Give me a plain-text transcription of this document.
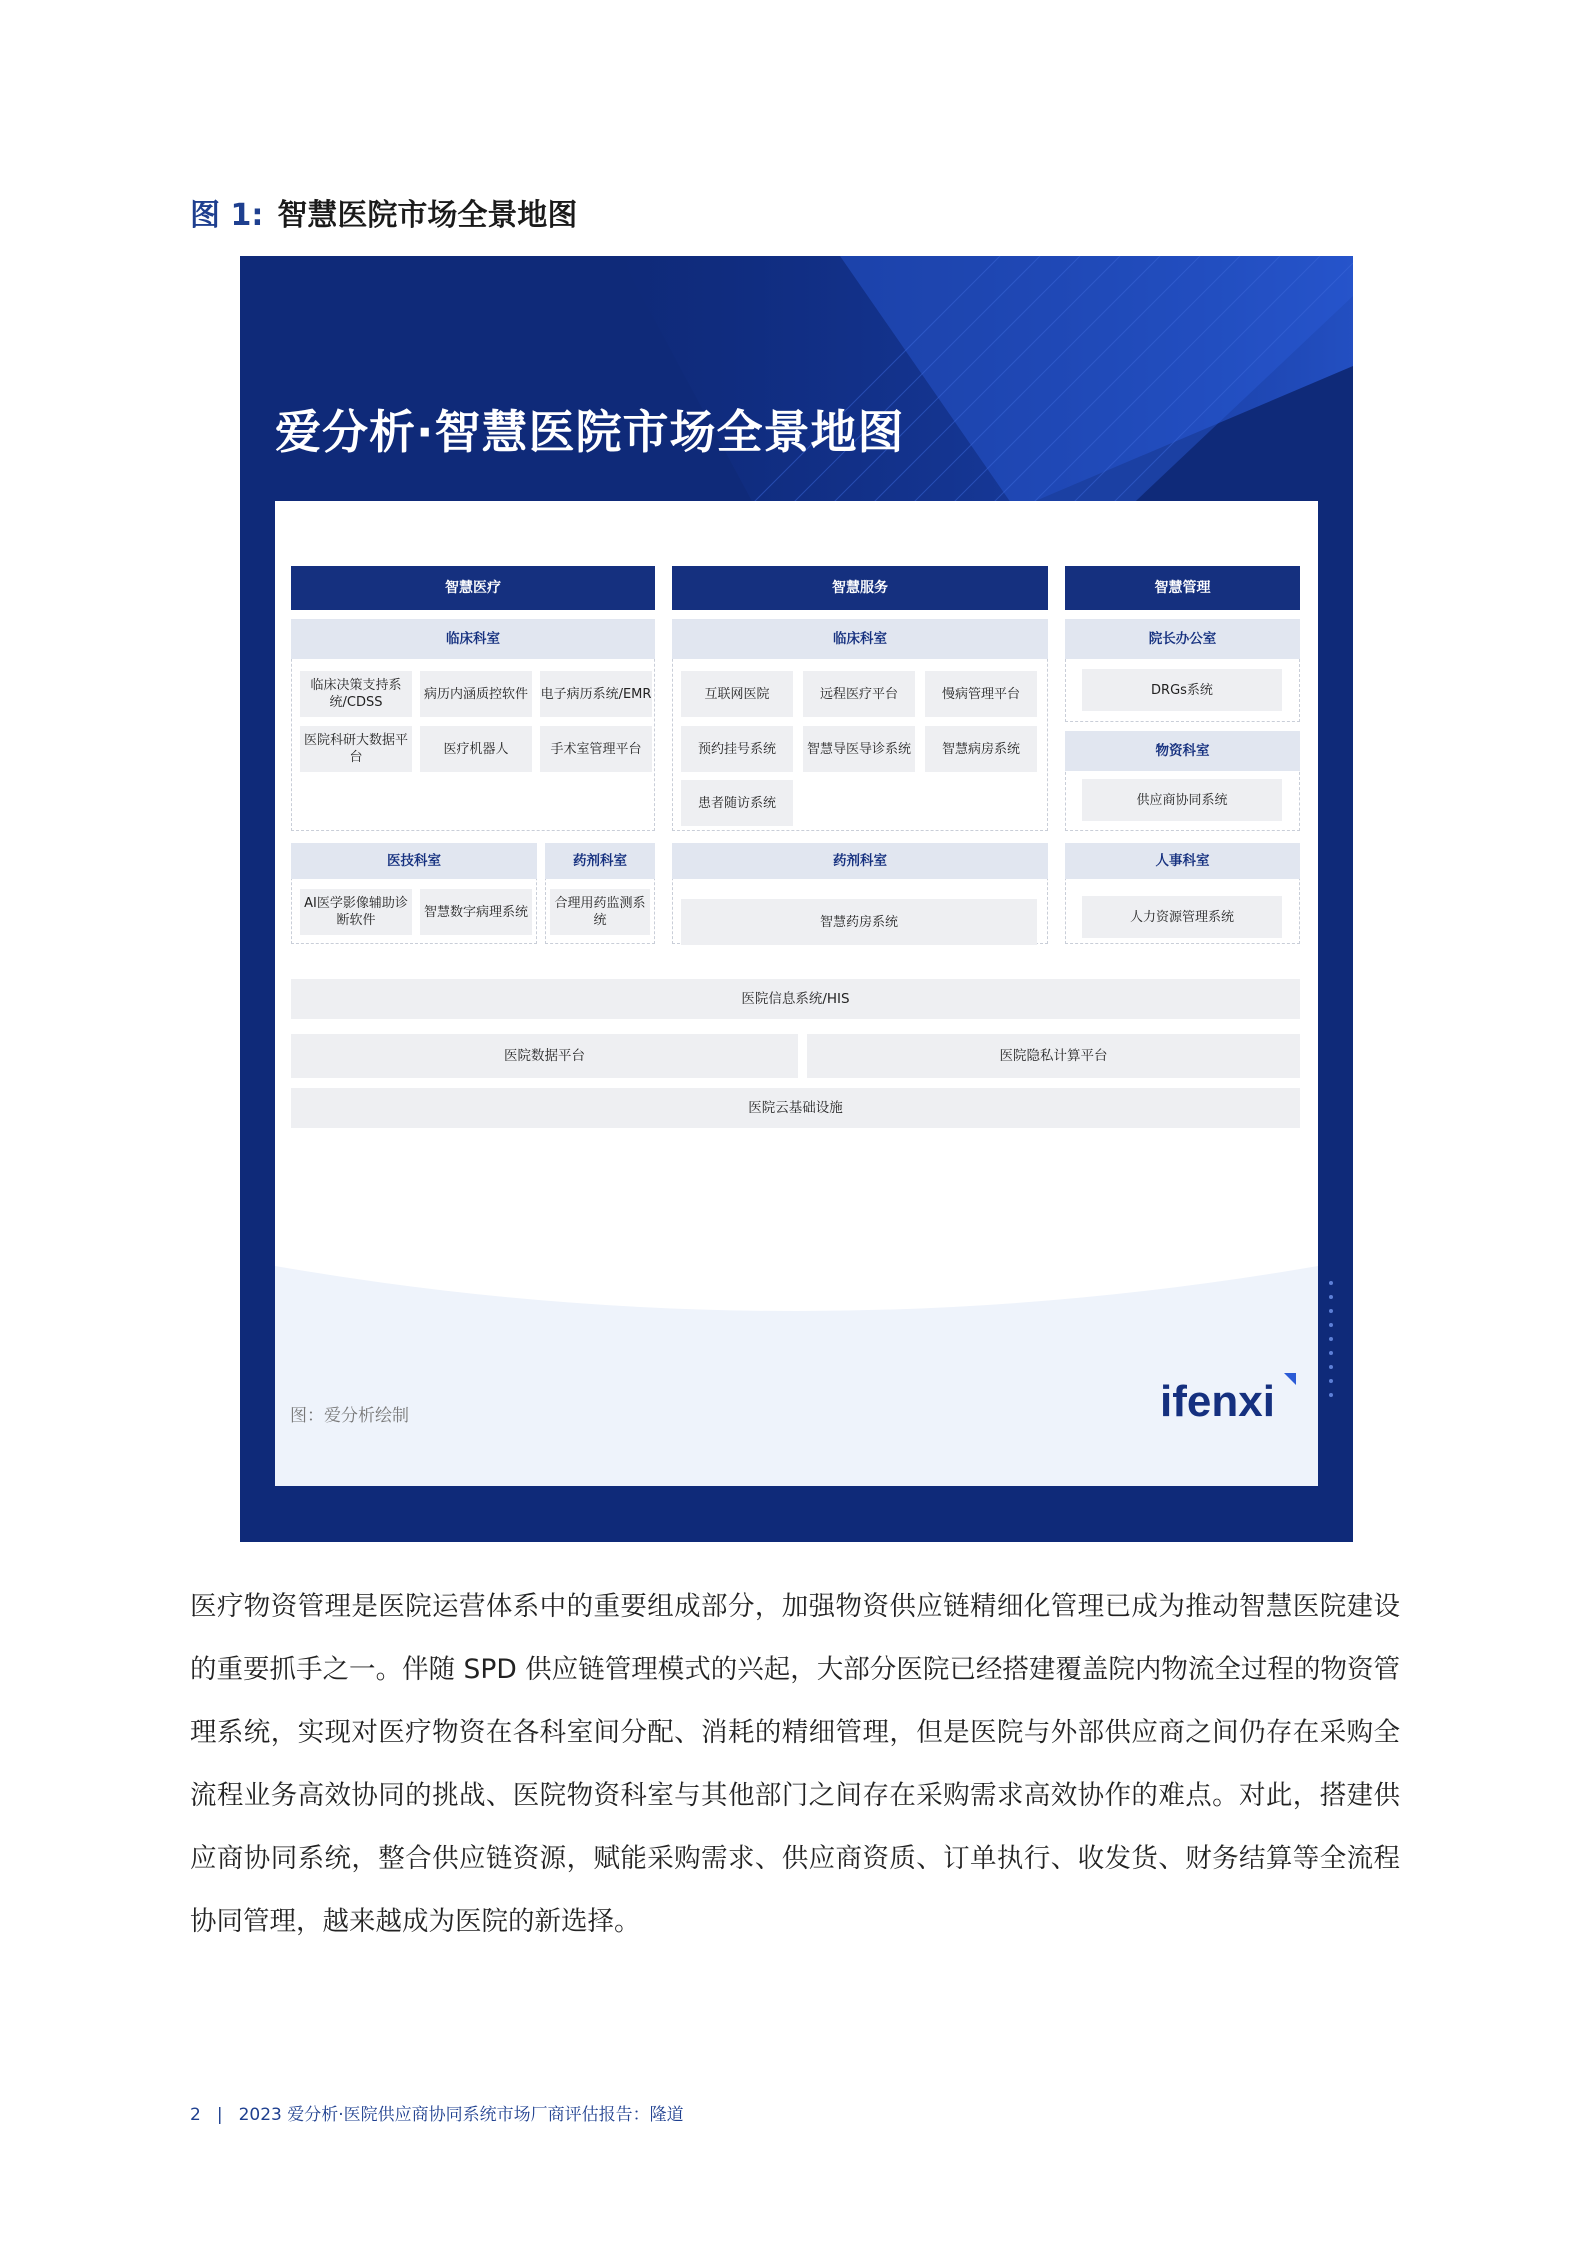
图 1: 智慧医院市场全景地图
爱分析·智慧医院市场全景地图
智慧医疗	智慧服务	智慧管理
临床科室
临床决策支持系统/CDSS
病历内涵质控软件 电子病历系统/EMR
医院科研大数据平台
医疗机器人	手术室管理平台
医技科室
AI医学影像辅助诊断软件
智慧数字病理系统
药剂科室
合理用药监测系统
临床科室
互联网医院	远程医疗平台	慢病管理平台
预约挂号系统	智慧导医导诊系统	智慧病房系统
患者随访系统
药剂科室
智慧药房系统
院长办公室
DRGs系统
物资科室
供应商协同系统
人事科室
人力资源管理系统
医院信息系统/HIS
医院数据平台	医院隐私计算平台
医院云基础设施
图：爱分析绘制	ifenxi

医疗物资管理是医院运营体系中的重要组成部分，加强物资供应链精细化管理已成为推动智慧医院建设的重要抓手之一。伴随 SPD 供应链管理模式的兴起，大部分医院已经搭建覆盖院内物流全过程的物资管理系统，实现对医疗物资在各科室间分配、消耗的精细管理，但是医院与外部供应商之间仍存在采购全流程业务高效协同的挑战、医院物资科室与其他部门之间存在采购需求高效协作的难点。对此，搭建供应商协同系统，整合供应链资源，赋能采购需求、供应商资质、订单执行、收发货、财务结算等全流程协同管理，越来越成为医院的新选择。

2 | 2023 爱分析·医院供应商协同系统市场厂商评估报告：隆道
